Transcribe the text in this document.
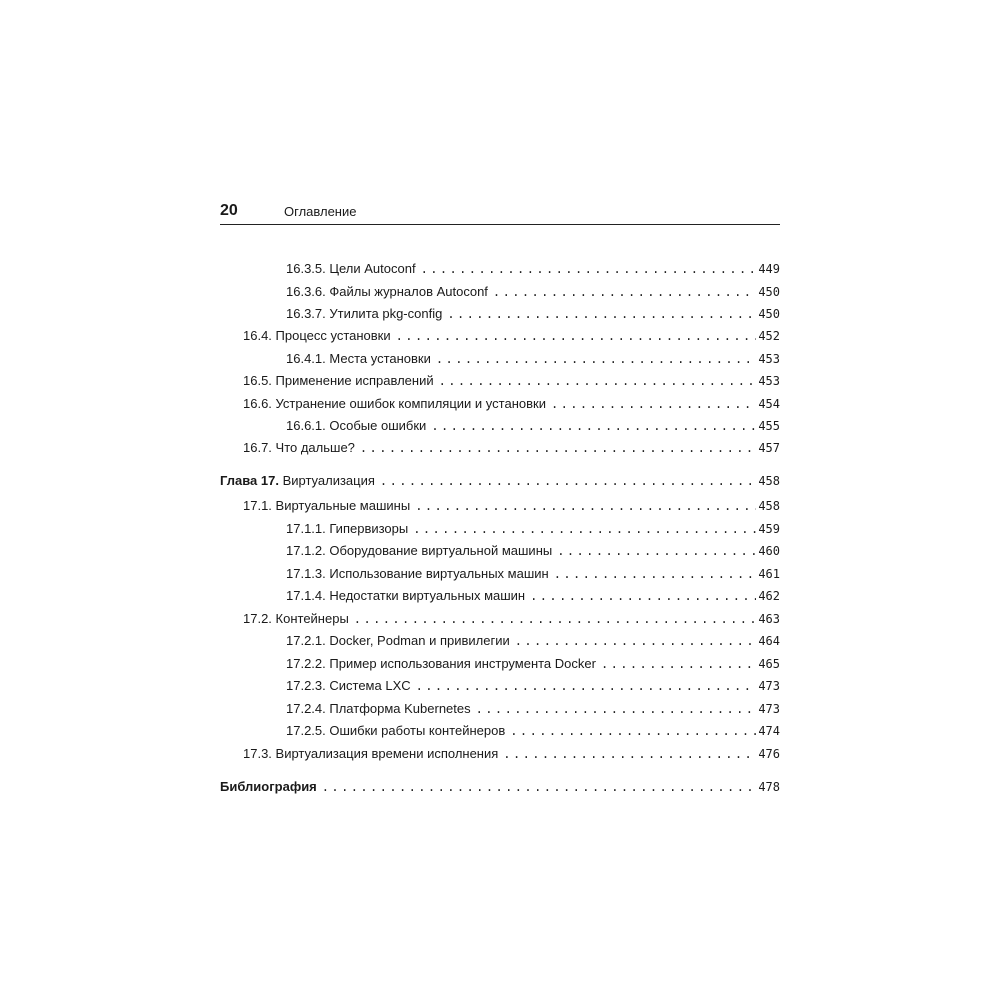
20	Оглавление
16.3.5. Цели Autoconf . . .	449
16.3.6. Файлы журналов Autoconf . . .	450
16.3.7. Утилита pkg-config . . .	450
16.4. Процесс установки . . .	452
16.4.1. Места установки . . .	453
16.5. Применение исправлений . . .	453
16.6. Устранение ошибок компиляции и установки . . .	454
16.6.1. Особые ошибки . . .	455
16.7. Что дальше? . . .	457
Глава 17. Виртуализация . . .	458
17.1. Виртуальные машины . . .	458
17.1.1. Гипервизоры . . .	459
17.1.2. Оборудование виртуальной машины . . .	460
17.1.3. Использование виртуальных машин . . .	461
17.1.4. Недостатки виртуальных машин . . .	462
17.2. Контейнеры . . .	463
17.2.1. Docker, Podman и привилегии . . .	464
17.2.2. Пример использования инструмента Docker . . .	465
17.2.3. Система LXC . . .	473
17.2.4. Платформа Kubernetes . . .	473
17.2.5. Ошибки работы контейнеров . . .	474
17.3. Виртуализация времени исполнения . . .	476
Библиография . . .	478
